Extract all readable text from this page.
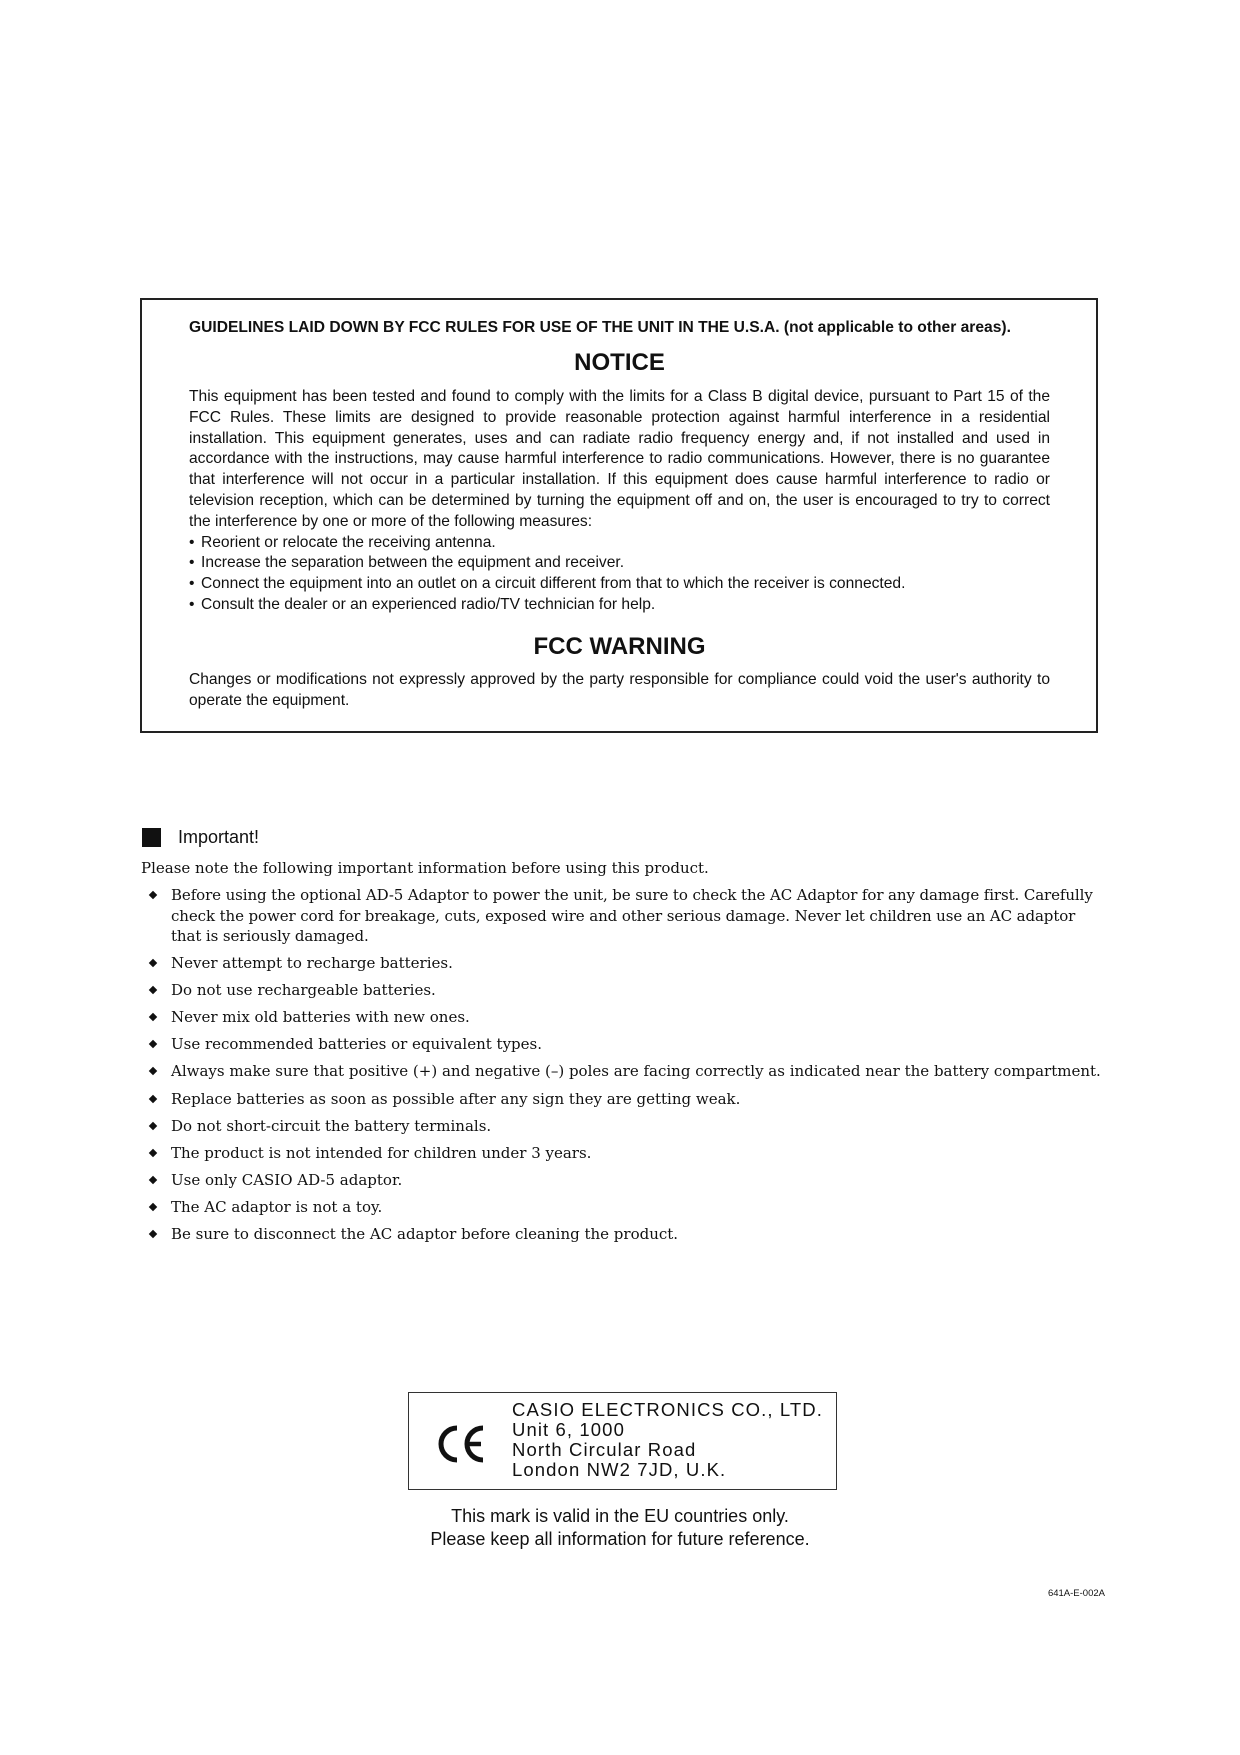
GUIDELINES LAID DOWN BY FCC RULES FOR USE OF THE UNIT IN THE U.S.A. (not applicable to other areas).

NOTICE

This equipment has been tested and found to comply with the limits for a Class B digital device, pursuant to Part 15 of the FCC Rules. These limits are designed to provide reasonable protection against harmful interference in a residential installation. This equipment generates, uses and can radiate radio frequency energy and, if not installed and used in accordance with the instructions, may cause harmful interference to radio communications. However, there is no guarantee that interference will not occur in a particular installation. If this equipment does cause harmful interference to radio or television reception, which can be determined by turning the equipment off and on, the user is encouraged to try to correct the interference by one or more of the following measures:

• Reorient or relocate the receiving antenna.
• Increase the separation between the equipment and receiver.
• Connect the equipment into an outlet on a circuit different from that to which the receiver is connected.
• Consult the dealer or an experienced radio/TV technician for help.
FCC WARNING

Changes or modifications not expressly approved by the party responsible for compliance could void the user's authority to operate the equipment.

Important!
Please note the following important information before using this product.
Before using the optional AD-5 Adaptor to power the unit, be sure to check the AC Adaptor for any damage first. Carefully check the power cord for breakage, cuts, exposed wire and other serious damage. Never let children use an AC adaptor that is seriously damaged.
Never attempt to recharge batteries.
Do not use rechargeable batteries.
Never mix old batteries with new ones.
Use recommended batteries or equivalent types.
Always make sure that positive (+) and negative (–) poles are facing correctly as indicated near the battery compartment.
Replace batteries as soon as possible after any sign they are getting weak.
Do not short-circuit the battery terminals.
The product is not intended for children under 3 years.
Use only CASIO AD-5 adaptor.
The AC adaptor is not a toy.
Be sure to disconnect the AC adaptor before cleaning the product.
CASIO ELECTRONICS CO., LTD.
Unit 6, 1000
North Circular Road
London NW2 7JD, U.K.
This mark is valid in the EU countries only.
Please keep all information for future reference.
641A-E-002A
